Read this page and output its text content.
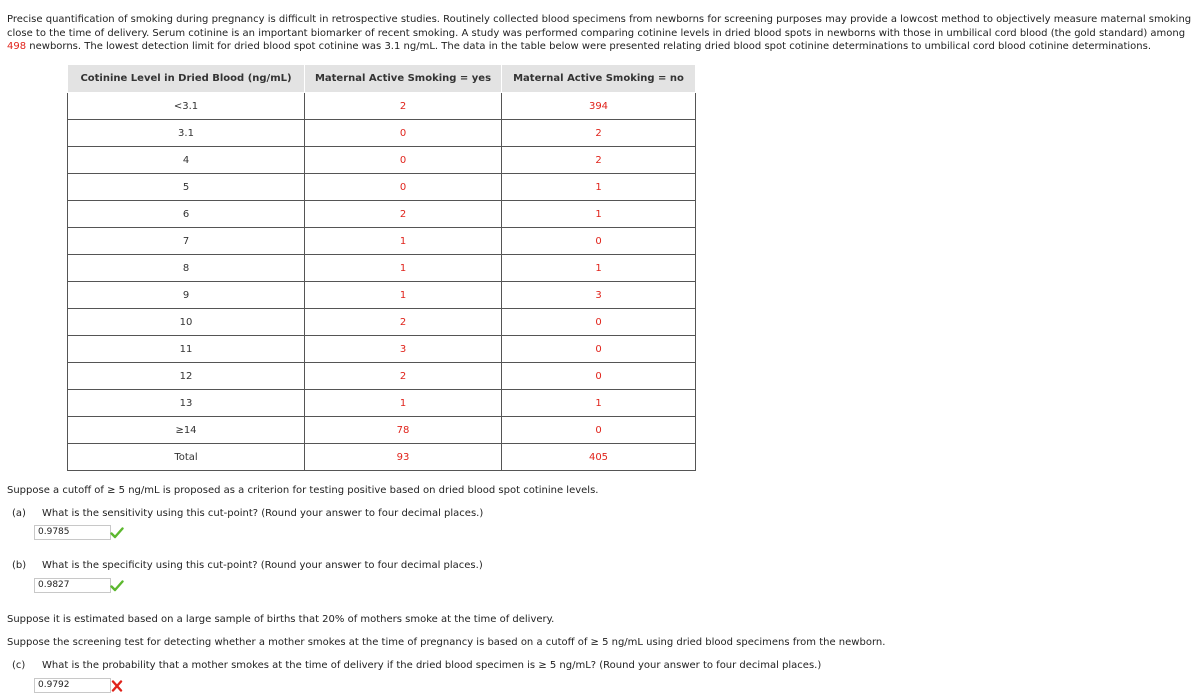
Precise quantification of smoking during pregnancy is difficult in retrospective studies. Routinely collected blood specimens from newborns for screening purposes may provide a lowcost method to objectively measure maternal smoking close to the time of delivery. Serum cotinine is an important biomarker of recent smoking. A study was performed comparing cotinine levels in dried blood spots in newborns with those in umbilical cord blood (the gold standard) among 498 newborns. The lowest detection limit for dried blood spot cotinine was 3.1 ng/mL. The data in the table below were presented relating dried blood spot cotinine determinations to umbilical cord blood cotinine determinations.
Cotinine Level in Dried Blood (ng/mL)	Maternal Active Smoking = yes	Maternal Active Smoking = no
<3.1	2	394
3.1	0	2
4	0	2
5	0	1
6	2	1
7	1	0
8	1	1
9	1	3
10	2	0
11	3	0
12	2	0
13	1	1
≥14	78	0
Total	93	405
Suppose a cutoff of ≥ 5 ng/mL is proposed as a criterion for testing positive based on dried blood spot cotinine levels.
(a) What is the sensitivity using this cut-point? (Round your answer to four decimal places.)
0.9785
(b) What is the specificity using this cut-point? (Round your answer to four decimal places.)
0.9827
Suppose it is estimated based on a large sample of births that 20% of mothers smoke at the time of delivery.
Suppose the screening test for detecting whether a mother smokes at the time of pregnancy is based on a cutoff of ≥ 5 ng/mL using dried blood specimens from the newborn.
(c) What is the probability that a mother smokes at the time of delivery if the dried blood specimen is ≥ 5 ng/mL? (Round your answer to four decimal places.)
0.9792
